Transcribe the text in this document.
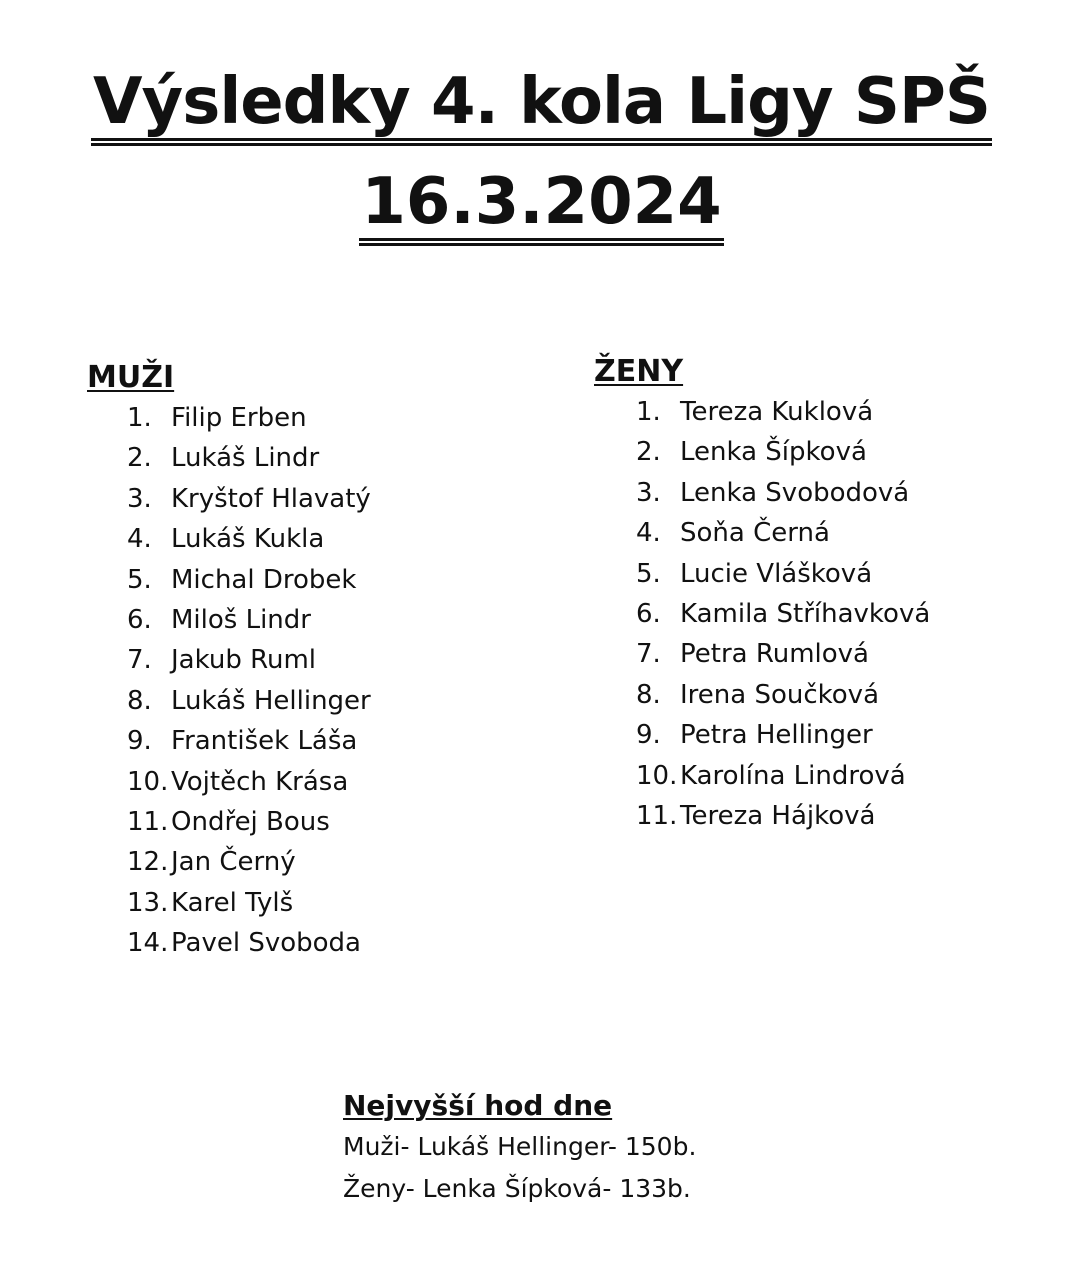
Výsledky 4. kola Ligy SPŠ
16.3.2024
MUŽI
1. Filip Erben
2. Lukáš Lindr
3. Kryštof Hlavatý
4. Lukáš Kukla
5. Michal Drobek
6. Miloš Lindr
7. Jakub Ruml
8. Lukáš Hellinger
9. František Láša
10. Vojtěch Krása
11. Ondřej Bous
12. Jan Černý
13. Karel Tylš
14. Pavel Svoboda
ŽENY
1. Tereza Kuklová
2. Lenka Šípková
3. Lenka Svobodová
4. Soňa Černá
5. Lucie Vlášková
6. Kamila Stříhavková
7. Petra Rumlová
8. Irena Součková
9. Petra Hellinger
10. Karolína Lindrová
11. Tereza Hájková
Nejvyšší hod dne
Muži- Lukáš Hellinger- 150b.
Ženy- Lenka Šípková- 133b.
